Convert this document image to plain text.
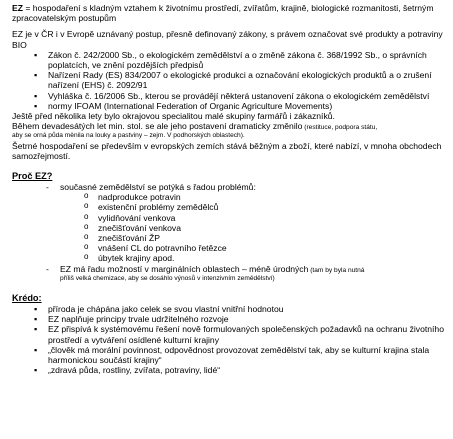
EZ = hospodaření s kladným vztahem k životnímu prostředí, zvířatům, krajině, biologické rozmanitosti, šetrným zpracovatelským postupům

EZ je v ČR i v Evropě uznávaný postup, přesně definovaný zákony, s právem označovat své produkty a potraviny BIO

▪ Zákon č. 242/2000 Sb., o ekologickém zemědělství a o změně zákona č. 368/1992 Sb., o správních poplatcích, ve znění pozdějších předpisů
▪ Nařízení Rady (ES) 834/2007 o ekologické produkci a označování ekologických produktů a o zrušení nařízení (EHS) č. 2092/91
▪ Vyhláška č. 16/2006 Sb., kterou se provádějí některá ustanovení zákona o ekologickém zemědělství
▪ normy IFOAM (International Federation of Organic Agriculture Movements)

Ještě před několika lety bylo okrajovou specialitou malé skupiny farmářů i zákazníků.

Během devadesátých let min. stol. se ale jeho postavení dramaticky změnilo (restituce, podpora státu,

aby se orná půda měnila na louky a pastviny – zejm. V podhorských oblastech).

Šetrné hospodaření se především v evropských zemích stává běžným a zboží, které nabízí, v mnoha obchodech samozřejmostí.

Proč EZ?

- současné zemědělství se potýká s řadou problémů:
o nadprodukce potravin
o existenční problémy zemědělců
o vylidňování venkova
o znečišťování venkova
o znečišťování ŽP
o vnášení CL do potravního řetězce
o úbytek krajiny apod.
- EZ má řadu možností v marginálních oblastech – méně úrodných (tam by byla nutná
příliš velká chemizace, aby se dosáhlo výnosů v intenzivním zemědělství)

Krédo:

▪ příroda je chápána jako celek se svou vlastní vnitřní hodnotou
▪ EZ naplňuje principy trvale udržitelného rozvoje
▪ EZ přispívá k systémovému řešení nově formulovaných společenských požadavků na ochranu životního prostředí a vytváření osídlené kulturní krajiny
▪ „člověk má morální povinnost, odpovědnost provozovat zemědělství tak, aby se kulturní krajina stala harmonickou součástí krajiny“
▪ „zdravá půda, rostliny, zvířata, potraviny, lidé“
